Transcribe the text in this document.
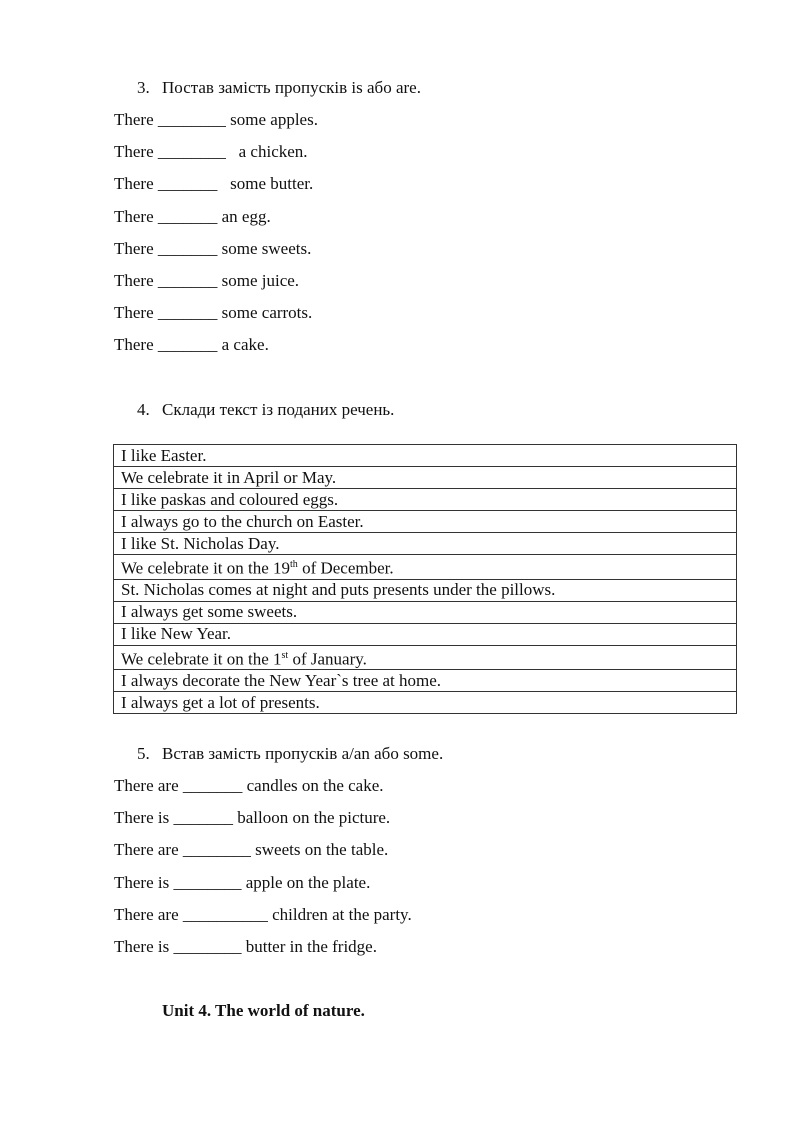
3. Постав замість пропусків is або are.

There ________ some apples.
There ________   a chicken.
There _______   some butter.
There _______ an egg.
There _______ some sweets.
There _______ some juice.
There _______ some carrots.
There _______ a cake.

4. Склади текст із поданих речень.

I like Easter.
We celebrate it in April or May.
I like paskas and coloured eggs.
I always go to the church on Easter.
I like St. Nicholas Day.
We celebrate it on the 19th of December.
St. Nicholas comes at night and puts presents under the pillows.
I always get some sweets.
I like New Year.
We celebrate it on the 1st of January.
I always decorate the New Year`s tree at home.
I always get a lot of presents.

5. Встав замість пропусків a/an або some.

There are _______ candles on the cake.
There is _______ balloon on the picture.
There are ________ sweets on the table.
There is ________ apple on the plate.
There are __________ children at the party.
There is ________ butter in the fridge.

Unit 4. The world of nature.
